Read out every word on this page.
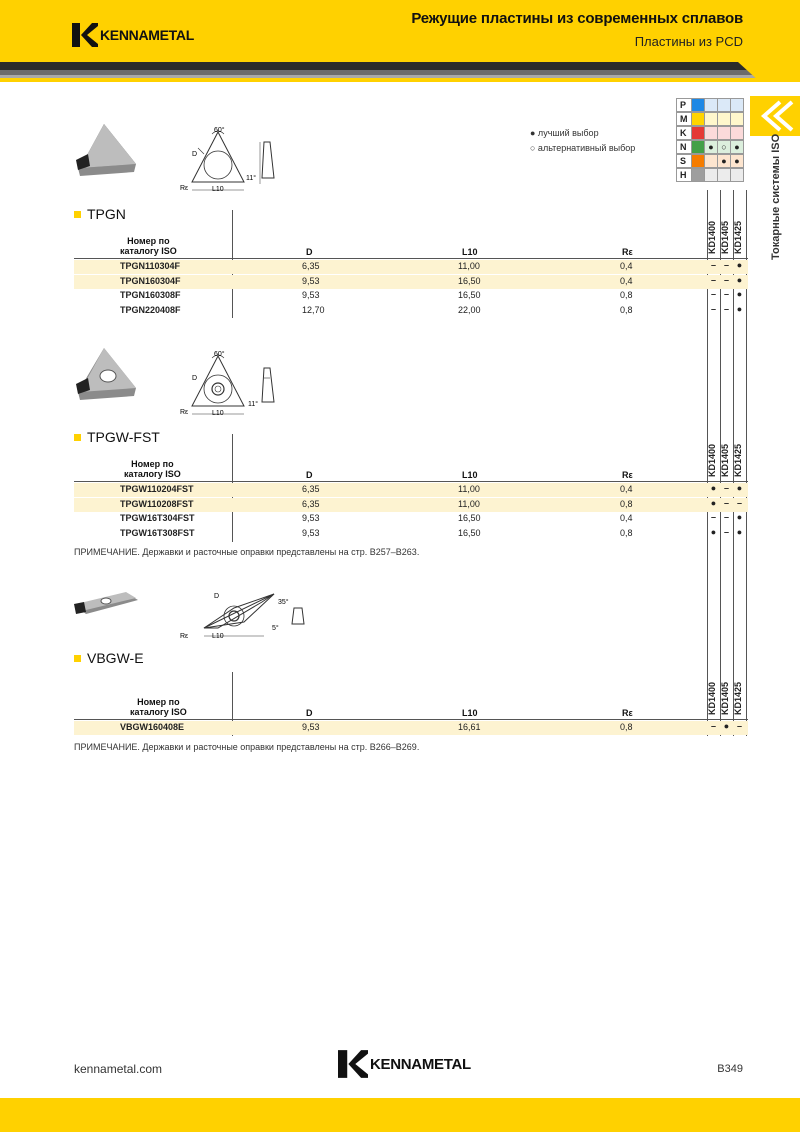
KENNAMETAL
Режущие пластины из современных сплавов
Пластины из PCD
Токарные системы ISO
P
M
K
N	● ○ ●
S	● ●
H
● лучший выбор
○ альтернативный выбор
60°
D
L10
Rε
11°
TPGN
Номер по
каталогу ISO	D	L10	Rε	KD1400 KD1405 KD1425
TPGN110304F	6,35	11,00	0,4	– – ●
TPGN160304F	9,53	16,50	0,4	– – ●
TPGN160308F	9,53	16,50	0,8	– – ●
TPGN220408F	12,70	22,00	0,8	– – ●
60°
D
L10
Rε
11°
TPGW-FST
Номер по
каталогу ISO	D	L10	Rε	KD1400 KD1405 KD1425
TPGW110204FST	6,35	11,00	0,4	● – ●
TPGW110208FST	6,35	11,00	0,8	● – –
TPGW16T304FST	9,53	16,50	0,4	– – ●
TPGW16T308FST	9,53	16,50	0,8	● – ●
ПРИМЕЧАНИЕ. Державки и расточные оправки представлены на стр. B257–B263.
35°
D
L10
Rε
5°
VBGW-E
Номер по
каталогу ISO	D	L10	Rε	KD1400 KD1405 KD1425
VBGW160408E	9,53	16,61	0,8	– ● –
ПРИМЕЧАНИЕ. Державки и расточные оправки представлены на стр. B266–B269.
kennametal.com	KENNAMETAL	B349
